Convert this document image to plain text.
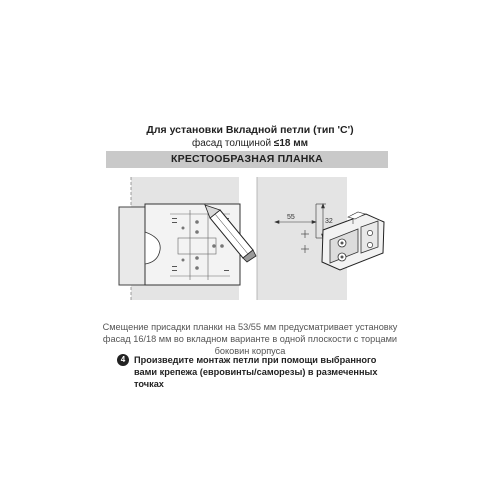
Для установки Вкладной петли (тип 'C')
фасад толщиной ≤18 мм
КРЕСТООБРАЗНАЯ ПЛАНКА
55
32
Смещение присадки планки на 53/55 мм предусматривает установку фасад 16/18 мм во вкладном варианте в одной плоскости с торцами боковин корпуса
4 Произведите монтаж петли при помощи выбранного вами крепежа (евровинты/саморезы) в размеченных точках
